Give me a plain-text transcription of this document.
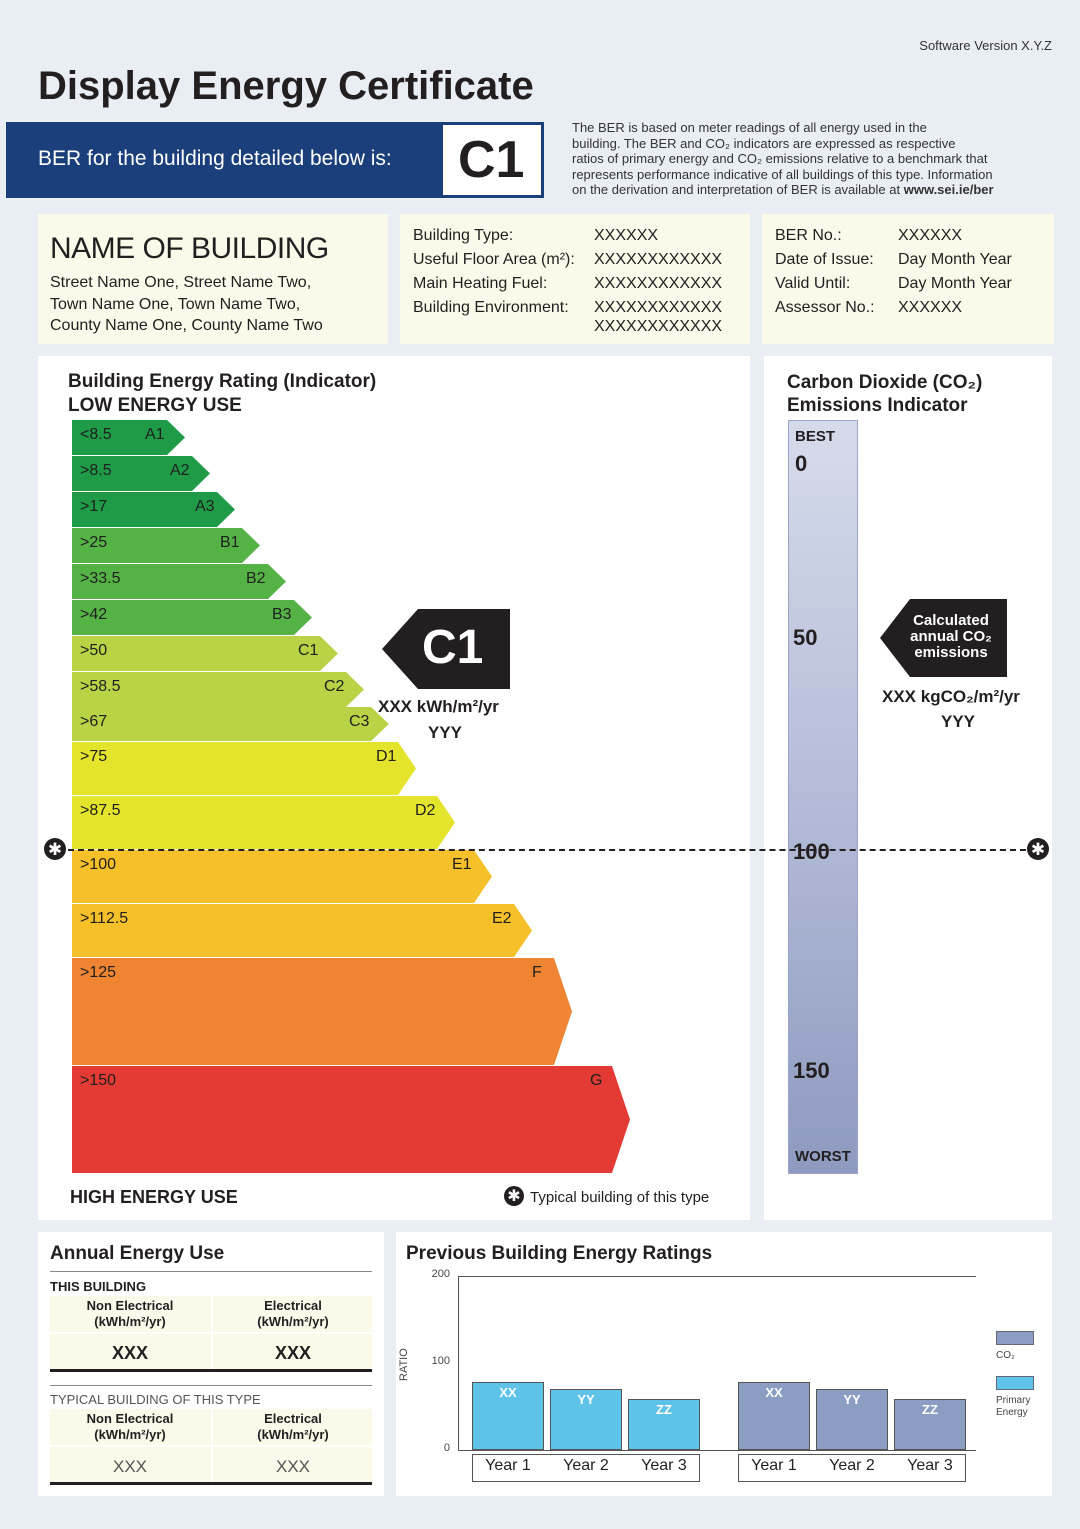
Software Version X.Y.Z
Display Energy Certificate
BER for the building detailed below is: C1
The BER is based on meter readings of all energy used in the
building. The BER and CO₂ indicators are expressed as respective
ratios of primary energy and CO₂ emissions relative to a benchmark that
represents performance indicative of all buildings of this type. Information
on the derivation and interpretation of BER is available at www.sei.ie/ber
NAME OF BUILDING
Street Name One, Street Name Two,
Town Name One, Town Name Two,
County Name One, County Name Two
Building Type:	XXXXXX
Useful Floor Area (m²): XXXXXXXXXXXX
Main Heating Fuel:	XXXXXXXXXXXX
Building Environment: XXXXXXXXXXXX
XXXXXXXXXXXX
BER No.:	XXXXXX
Date of Issue: Day Month Year
Valid Until:	Day Month Year
Assessor No.: XXXXXX
Building Energy Rating (Indicator)
LOW ENERGY USE
<8.5 A1
>8.5	A2
>17	A3
>25	B1
>33.5	B2
>42	B3
>50	C1
>58.5	C2
>67	C3
>75	D1
>87.5	D2
>100	E1
>112.5	E2
>125	F
>150	G
HIGH ENERGY USE	✱ Typical building of this type
C1
XXX kWh/m²/yr
YYY
Carbon Dioxide (CO₂)
Emissions Indicator
BEST
WORST
0
50
100
150
Calculated
annual CO₂
emissions
XXX kgCO₂/m²/yr
YYY
✱	✱
Annual Energy Use
THIS BUILDING
Non Electrical
(kWh/m²/yr)
Electrical
(kWh/m²/yr)
XXX	XXX
TYPICAL BUILDING OF THIS TYPE
Non Electrical
(kWh/m²/yr)
Electrical
(kWh/m²/yr)
XXX	XXX
Previous Building Energy Ratings
RATIO
200
100
0
XX
Year 1
YY
Year 2
ZZ
Year 3
XX
Year 1
YY
Year 2
ZZ
Year 3
CO₂
Primary Energy
